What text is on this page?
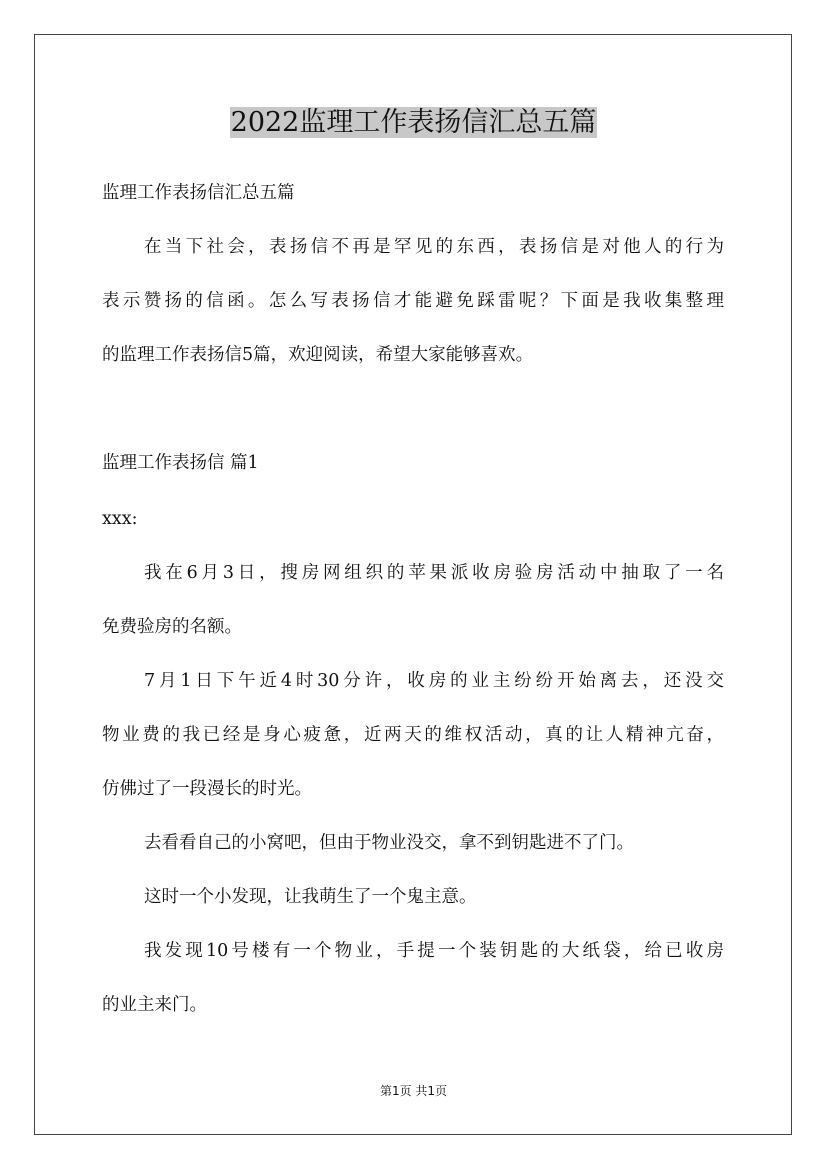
2022监理工作表扬信汇总五篇

监理工作表扬信汇总五篇

在当下社会，表扬信不再是罕见的东西，表扬信是对他人的行为

表示赞扬的信函。怎么写表扬信才能避免踩雷呢？下面是我收集整理

的监理工作表扬信5篇，欢迎阅读，希望大家能够喜欢。

监理工作表扬信 篇1

xxx:

我在6月3日，搜房网组织的苹果派收房验房活动中抽取了一名

免费验房的名额。

7月1日下午近4时30分许，收房的业主纷纷开始离去，还没交

物业费的我已经是身心疲惫，近两天的维权活动，真的让人精神亢奋，

仿佛过了一段漫长的时光。

去看看自己的小窝吧，但由于物业没交，拿不到钥匙进不了门。

这时一个小发现，让我萌生了一个鬼主意。

我发现10号楼有一个物业，手提一个装钥匙的大纸袋，给已收房

的业主来门。

第1页 共1页
